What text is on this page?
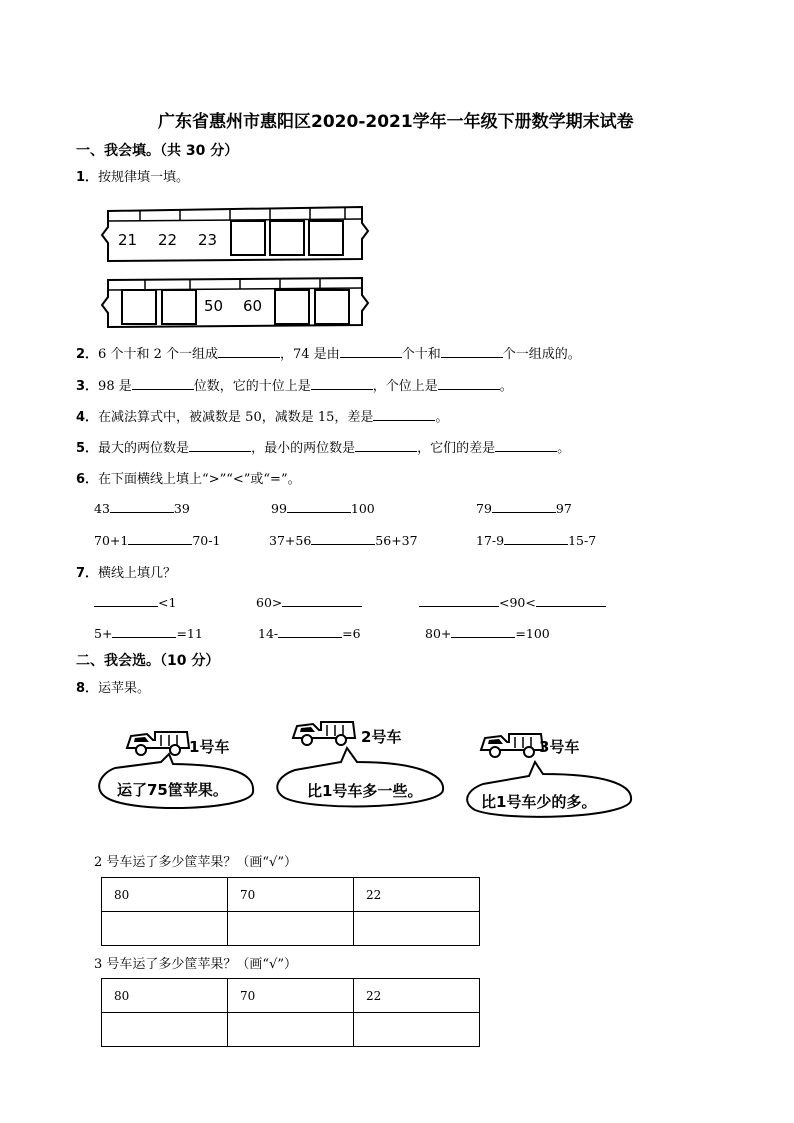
广东省惠州市惠阳区2020-2021学年一年级下册数学期末试卷
一、我会填。（共 30 分）
1．按规律填一填。
21 22 23
50 60
2．6 个十和 2 个一组成	，74 是由	个十和	个一组成的。
3．98 是	位数，它的十位上是	，个位上是	。
4．在减法算式中，被减数是 50，减数是 15，差是	。
5．最大的两位数是	，最小的两位数是	，它们的差是	。
6．在下面横线上填上“>”“<”或“=”。
43	39	99	100	79	97
70+1	70-1	37+56	56+37	17-9	15-7
7．横线上填几？
<1	60>	<90<
5+	=11	14-	=6	80+	=100
二、我会选。（10 分）
8．运苹果。
1号车
运了75筐苹果。
2号车
比1号车多一些。
3号车
比1号车少的多。
2 号车运了多少筐苹果？（画“√”）
80	70	22

3 号车运了多少筐苹果？（画“√”）
80	70	22
